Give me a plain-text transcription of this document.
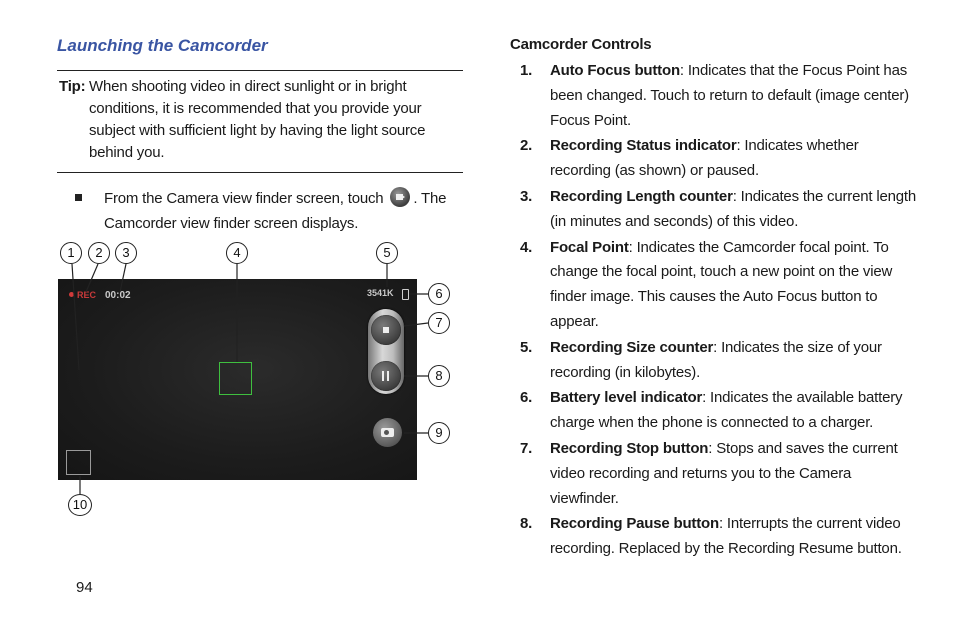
Launching the Camcorder
Tip: When shooting video in direct sunlight or in bright conditions, it is recommended that you provide your subject with sufficient light by having the light source behind you.
From the Camera view finder screen, touch . The Camcorder view finder screen displays.
REC 00:02	3541K
1	2	3	4	5
6
7
8
9
10
94
Camcorder Controls
1. Auto Focus button: Indicates that the Focus Point has been changed. Touch to return to default (image center) Focus Point.
2. Recording Status indicator: Indicates whether recording (as shown) or paused.
3. Recording Length counter: Indicates the current length (in minutes and seconds) of this video.
4. Focal Point: Indicates the Camcorder focal point. To change the focal point, touch a new point on the view finder image. This causes the Auto Focus button to appear.
5. Recording Size counter: Indicates the size of your recording (in kilobytes).
6. Battery level indicator: Indicates the available battery charge when the phone is connected to a charger.
7. Recording Stop button: Stops and saves the current video recording and returns you to the Camera viewfinder.
8. Recording Pause button: Interrupts the current video recording. Replaced by the Recording Resume button.
